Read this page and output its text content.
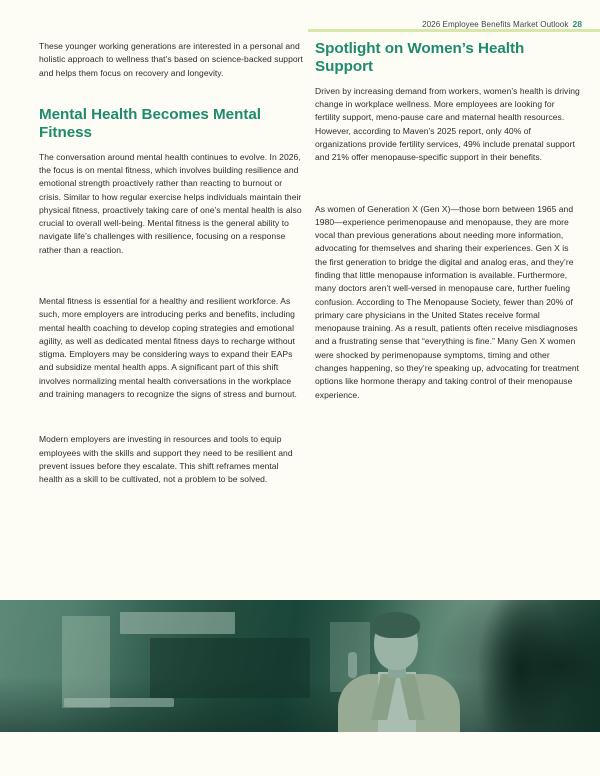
2026 Employee Benefits Market Outlook 28

These younger working generations are interested in a personal and holistic approach to wellness that’s based on science-backed support and helps them focus on recovery and longevity.

Mental Health Becomes Mental Fitness

The conversation around mental health continues to evolve. In 2026, the focus is on mental fitness, which involves building resilience and emotional strength proactively rather than reacting to burnout or crisis. Similar to how regular exercise helps individuals maintain their physical fitness, proactively taking care of one’s mental health is also crucial to overall well-being. Mental fitness is the general ability to navigate life’s challenges with resilience, focusing on a response rather than a reaction.

Mental fitness is essential for a healthy and resilient workforce. As such, more employers are introducing perks and benefits, including mental health coaching to develop coping strategies and emotional agility, as well as dedicated mental fitness days to recharge without stigma. Employers may be considering ways to expand their EAPs and subsidize mental health apps. A significant part of this shift involves normalizing mental health conversations in the workplace and training managers to recognize the signs of stress and burnout.

Modern employers are investing in resources and tools to equip employees with the skills and support they need to be resilient and prevent issues before they escalate. This shift reframes mental health as a skill to be cultivated, not a problem to be solved.

Spotlight on Women’s Health Support

Driven by increasing demand from workers, women’s health is driving change in workplace wellness. More employees are looking for fertility support, meno-pause care and maternal health resources. However, according to Maven’s 2025 report, only 40% of organizations provide fertility services, 49% include prenatal support and 21% offer menopause-specific support in their benefits.

As women of Generation X (Gen X)—those born between 1965 and 1980—experience perimenopause and menopause, they are more vocal than previous generations about needing more information, advocating for themselves and sharing their experiences. Gen X is the first generation to bridge the digital and analog eras, and they’re finding that little menopause information is available. Furthermore, many doctors aren’t well-versed in menopause care, further fueling confusion. According to The Menopause Society, fewer than 20% of primary care physicians in the United States receive formal menopause training. As a result, patients often receive misdiagnoses and a frustrating sense that “everything is fine.” Many Gen X women were shocked by perimenopause symptoms, timing and other changes happening, so they’re speaking up, advocating for treatment options like hormone therapy and taking control of their menopause experience.
